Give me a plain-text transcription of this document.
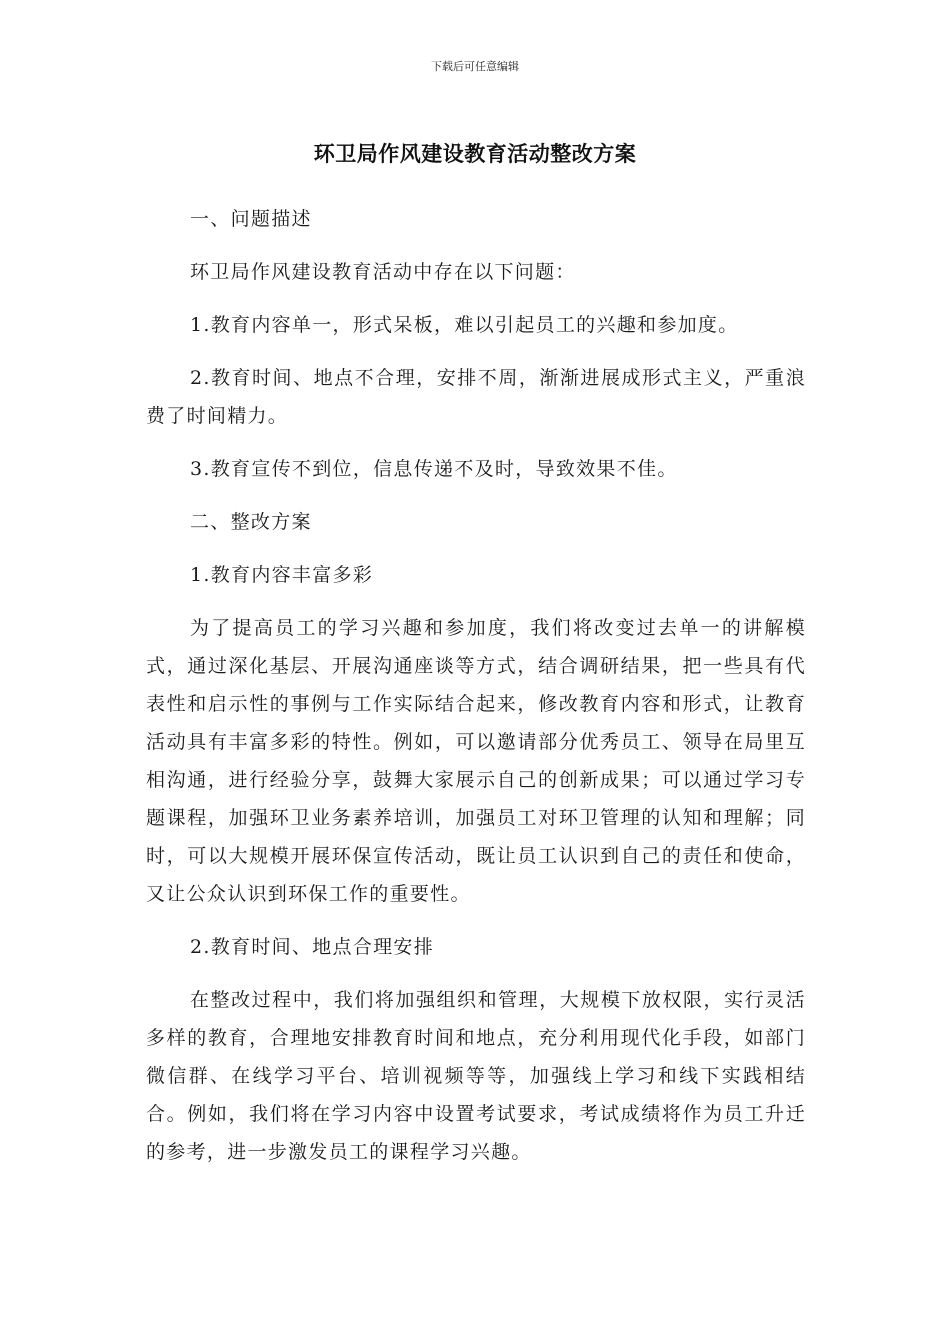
下载后可任意编辑
环卫局作风建设教育活动整改方案

一、问题描述

环卫局作风建设教育活动中存在以下问题：

1.教育内容单一，形式呆板，难以引起员工的兴趣和参加度。

2.教育时间、地点不合理，安排不周，渐渐进展成形式主义，严重浪费了时间精力。

3.教育宣传不到位，信息传递不及时，导致效果不佳。

二、整改方案

1.教育内容丰富多彩

为了提高员工的学习兴趣和参加度，我们将改变过去单一的讲解模式，通过深化基层、开展沟通座谈等方式，结合调研结果，把一些具有代表性和启示性的事例与工作实际结合起来，修改教育内容和形式，让教育活动具有丰富多彩的特性。例如，可以邀请部分优秀员工、领导在局里互相沟通，进行经验分享，鼓舞大家展示自己的创新成果；可以通过学习专题课程，加强环卫业务素养培训，加强员工对环卫管理的认知和理解；同时，可以大规模开展环保宣传活动，既让员工认识到自己的责任和使命，又让公众认识到环保工作的重要性。

2.教育时间、地点合理安排

在整改过程中，我们将加强组织和管理，大规模下放权限，实行灵活多样的教育，合理地安排教育时间和地点，充分利用现代化手段，如部门微信群、在线学习平台、培训视频等等，加强线上学习和线下实践相结合。例如，我们将在学习内容中设置考试要求，考试成绩将作为员工升迁的参考，进一步激发员工的课程学习兴趣。
